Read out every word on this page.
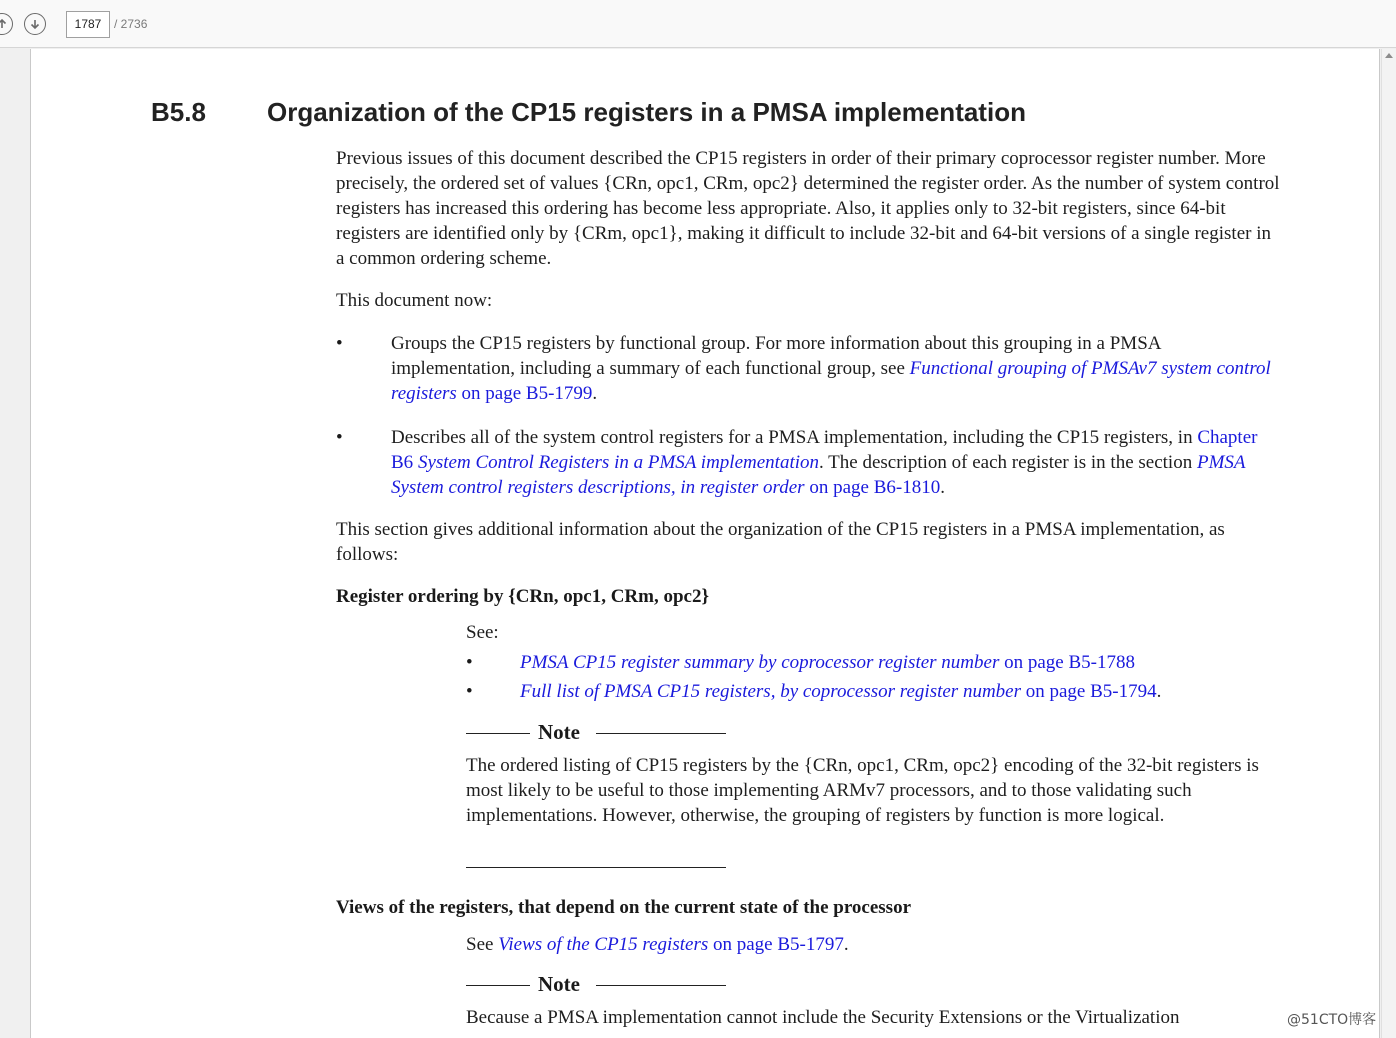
1787	/ 2736
B5.8 Organization of the CP15 registers in a PMSA implementation
Previous issues of this document described the CP15 registers in order of their primary coprocessor register number. More precisely, the ordered set of values {CRn, opc1, CRm, opc2} determined the register order. As the number of system control registers has increased this ordering has become less appropriate. Also, it applies only to 32-bit registers, since 64-bit registers are identified only by {CRm, opc1}, making it difficult to include 32-bit and 64-bit versions of a single register in a common ordering scheme.
This document now:
•	Groups the CP15 registers by functional group. For more information about this grouping in a PMSA implementation, including a summary of each functional group, see Functional grouping of PMSAv7 system control registers on page B5-1799.
•	Describes all of the system control registers for a PMSA implementation, including the CP15 registers, in Chapter B6 System Control Registers in a PMSA implementation. The description of each register is in the section PMSA System control registers descriptions, in register order on page B6-1810.
This section gives additional information about the organization of the CP15 registers in a PMSA implementation, as follows:
Register ordering by {CRn, opc1, CRm, opc2}
See:
• PMSA CP15 register summary by coprocessor register number on page B5-1788
• Full list of PMSA CP15 registers, by coprocessor register number on page B5-1794.
Note
The ordered listing of CP15 registers by the {CRn, opc1, CRm, opc2} encoding of the 32-bit registers is most likely to be useful to those implementing ARMv7 processors, and to those validating such implementations. However, otherwise, the grouping of registers by function is more logical.
Views of the registers, that depend on the current state of the processor
See Views of the CP15 registers on page B5-1797.
Note
Because a PMSA implementation cannot include the Security Extensions or the Virtualization	@51CTO博客
